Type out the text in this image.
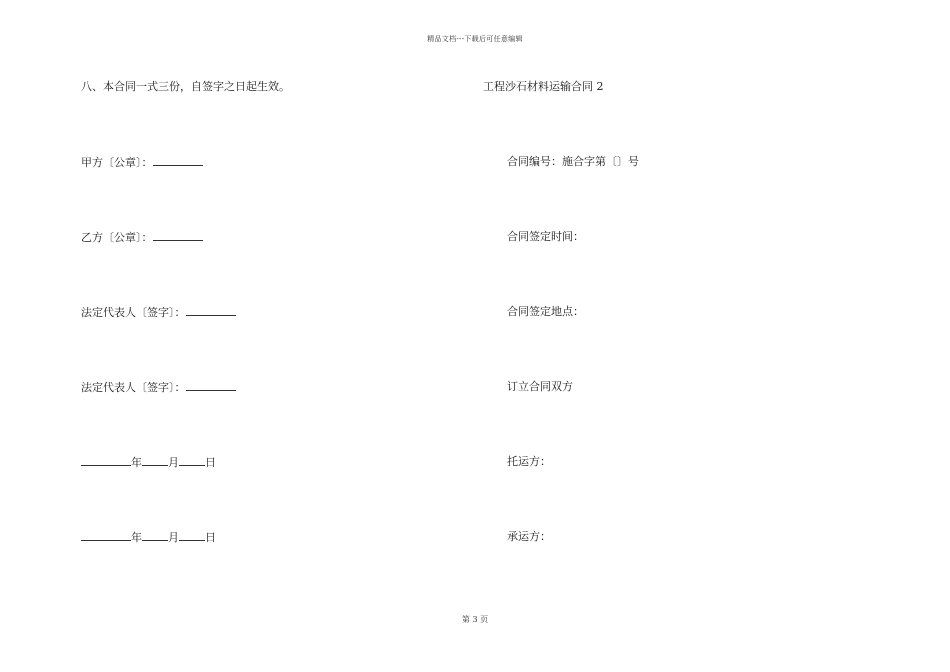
精品文档---下载后可任意编辑
八、本合同一式三份，自签字之日起生效。
甲方〔公章〕：
乙方〔公章〕：
法定代表人〔签字〕：
法定代表人〔签字〕：
年 月 日
年 月 日
工程沙石材料运输合同 2
合同编号：施合字第〔〕号
合同签定时间：
合同签定地点：
订立合同双方
托运方：
承运方：
第 3 页
